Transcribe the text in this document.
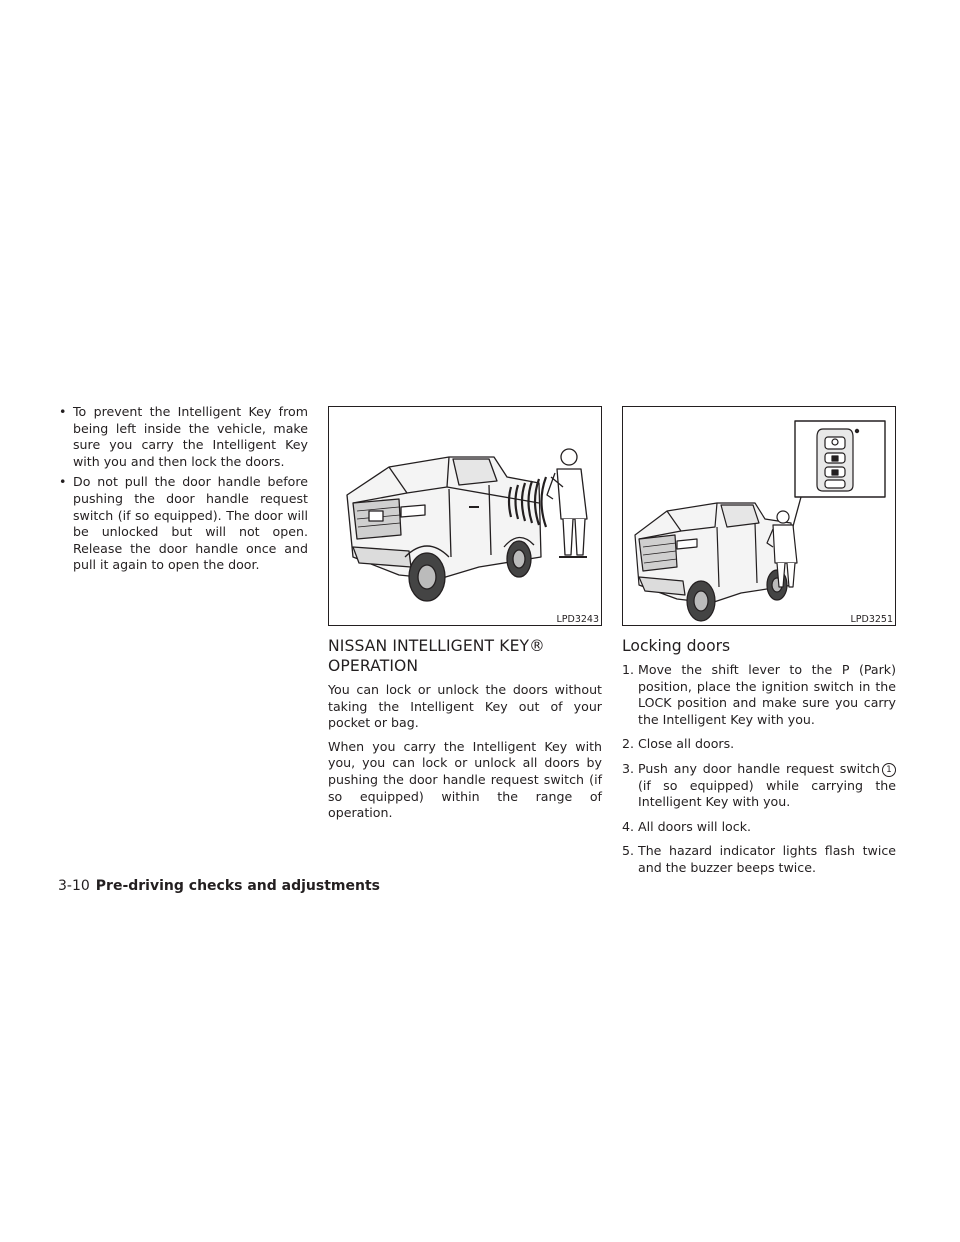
• To prevent the Intelligent Key from being left inside the vehicle, make sure you carry the Intelligent Key with you and then lock the doors.
• Do not pull the door handle before pushing the door handle request switch (if so equipped). The door will be unlocked but will not open. Release the door handle once and pull it again to open the door.
LPD3243
NISSAN INTELLIGENT KEY®
OPERATION

You can lock or unlock the doors without taking the Intelligent Key out of your pocket or bag.

When you carry the Intelligent Key with you, you can lock or unlock all doors by pushing the door handle request switch (if so equipped) within the range of operation.

LPD3251
Locking doors
1. Move the shift lever to the P (Park) position, place the ignition switch in the LOCK position and make sure you carry the Intelligent Key with you.
2. Close all doors.
3. Push any door handle request switch 1 (if so equipped) while carrying the Intelligent Key with you.
4. All doors will lock.
5. The hazard indicator lights flash twice and the buzzer beeps twice.
3-10 Pre-driving checks and adjustments
